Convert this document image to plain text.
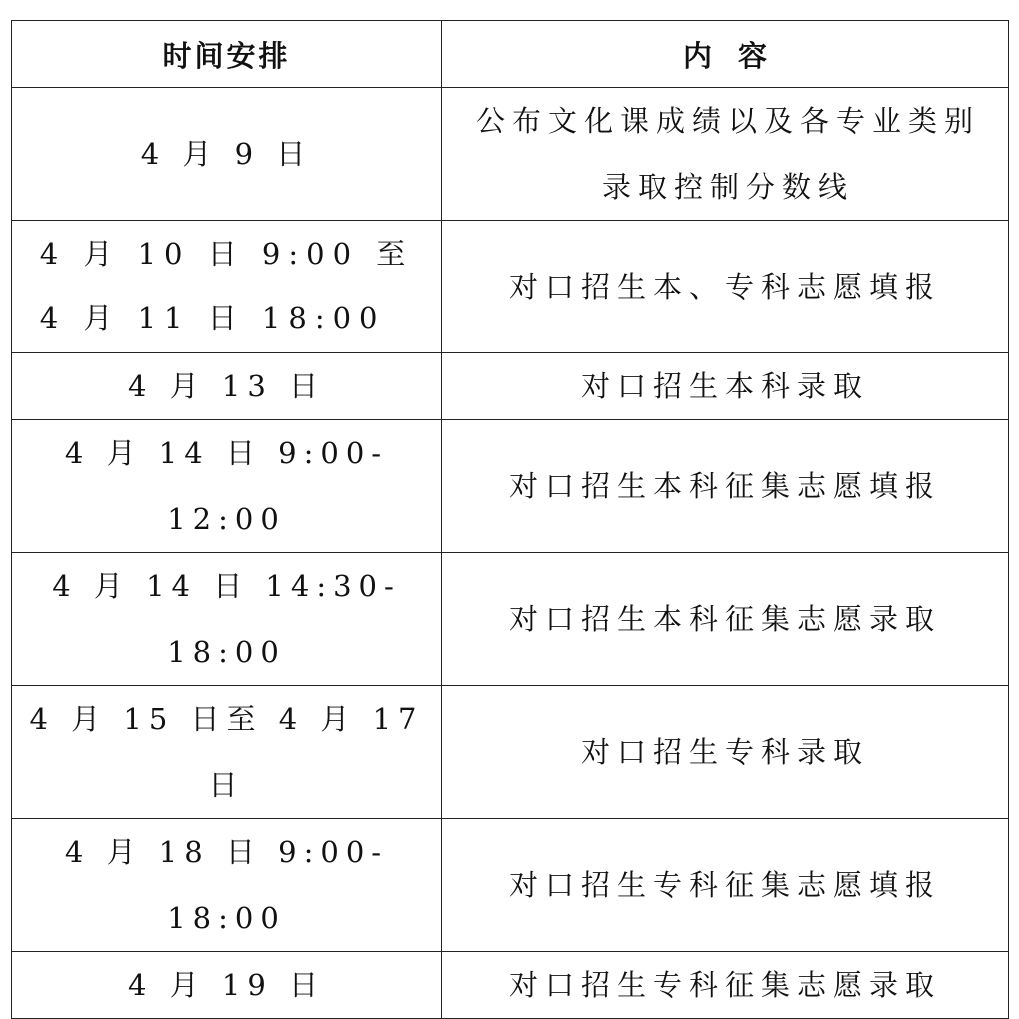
时间安排	内容
4 月 9 日	公布文化课成绩以及各专业类别
录取控制分数线

4 月 10 日 9:00 至
4 月 11 日 18:00	对口招生本、专科志愿填报
4 月 13 日	对口招生本科录取
4 月 14 日 9:00-12:00	对口招生本科征集志愿填报
4 月 14 日 14:30-18:00	对口招生本科征集志愿录取
4 月 15 日至 4 月 17 日	对口招生专科录取
4 月 18 日 9:00-18:00	对口招生专科征集志愿填报
4 月 19 日	对口招生专科征集志愿录取
